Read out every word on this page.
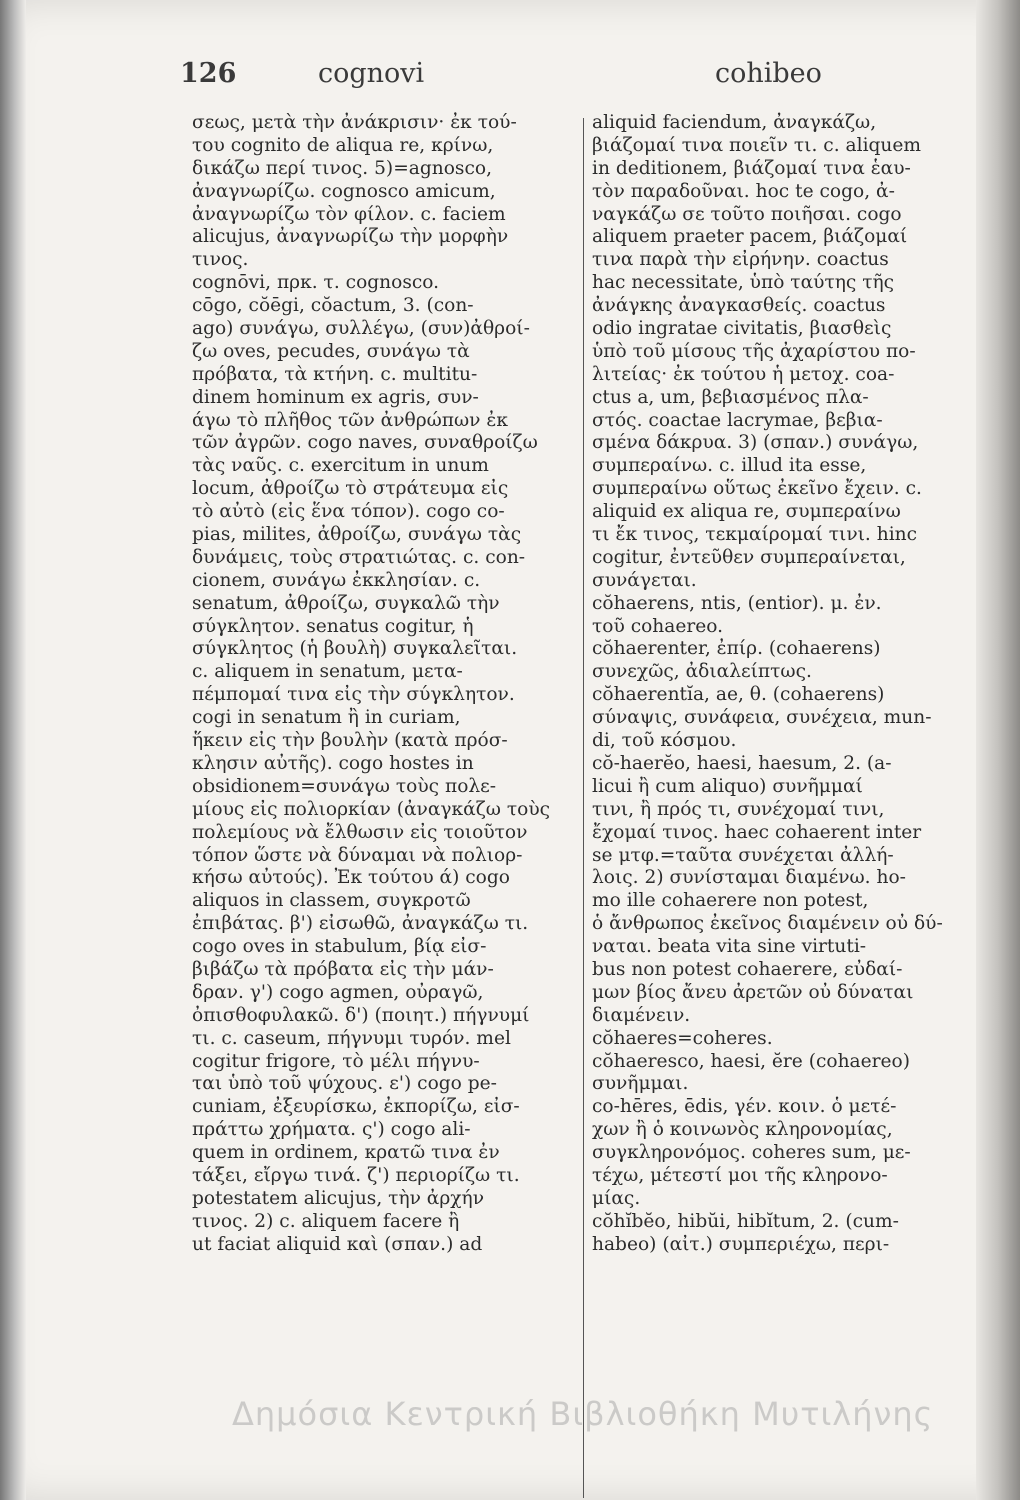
126	cognovi	cohibeo
σεως, μετὰ τὴν ἀνάκρισιν· ἐκ τού-
του cognito de aliqua re, κρίνω,
δικάζω περί τινος. 5)=agnosco,
ἀναγνωρίζω. cognosco amicum,
ἀναγνωρίζω τὸν φίλον. c. faciem
alicujus, ἀναγνωρίζω τὴν μορφὴν
τινος.
cognōvi, πρκ. τ. cognosco.
cōgo, cŏēgi, cŏactum, 3. (con-
ago) συνάγω, συλλέγω, (συν)ἀθροί-
ζω oves, pecudes, συνάγω τὰ
πρόβατα, τὰ κτήνη. c. multitu-
dinem hominum ex agris, συν-
άγω τὸ πλῆθος τῶν ἀνθρώπων ἐκ
τῶν ἀγρῶν. cogo naves, συναθροίζω
τὰς ναῦς. c. exercitum in unum
locum, ἀθροίζω τὸ στράτευμα εἰς
τὸ αὐτὸ (εἰς ἕνα τόπον). cogo co-
pias, milites, ἀθροίζω, συνάγω τὰς
δυνάμεις, τοὺς στρατιώτας. c. con-
cionem, συνάγω ἐκκλησίαν. c.
senatum, ἀθροίζω, συγκαλῶ τὴν
σύγκλητον. senatus cogitur, ἡ
σύγκλητος (ἡ βουλὴ) συγκαλεῖται.
c. aliquem in senatum, μετα-
πέμπομαί τινα εἰς τὴν σύγκλητον.
cogi in senatum ἢ in curiam,
ἥκειν εἰς τὴν βουλὴν (κατὰ πρόσ-
κλησιν αὐτῆς). cogo hostes in
obsidionem=συνάγω τοὺς πολε-
μίους εἰς πολιορκίαν (ἀναγκάζω τοὺς
πολεμίους νὰ ἔλθωσιν εἰς τοιοῦτον
τόπον ὥστε νὰ δύναμαι νὰ πολιορ-
κήσω αὐτούς). Ἐκ τούτου ά) cogo
aliquos in classem, συγκροτῶ
ἐπιβάτας. β') εἰσωθῶ, ἀναγκάζω τι.
cogo oves in stabulum, βίᾳ εἰσ-
βιβάζω τὰ πρόβατα εἰς τὴν μάν-
δραν. γ') cogo agmen, οὐραγῶ,
ὀπισθοφυλακῶ. δ') (ποιητ.) πήγνυμί
τι. c. caseum, πήγνυμι τυρόν. mel
cogitur frigore, τὸ μέλι πήγνυ-
ται ὑπὸ τοῦ ψύχους. ε') cogo pe-
cuniam, ἐξευρίσκω, ἐκπορίζω, εἰσ-
πράττω χρήματα. ς') cogo ali-
quem in ordinem, κρατῶ τινα ἐν
τάξει, εἴργω τινά. ζ') περιορίζω τι.
potestatem alicujus, τὴν ἀρχήν
τινος. 2) c. aliquem facere ἢ
ut faciat aliquid καὶ (σπαν.) ad
aliquid faciendum, ἀναγκάζω,
βιάζομαί τινα ποιεῖν τι. c. aliquem
in deditionem, βιάζομαί τινα ἑαυ-
τὸν παραδοῦναι. hoc te cogo, ἀ-
ναγκάζω σε τοῦτο ποιῆσαι. cogo
aliquem praeter pacem, βιάζομαί
τινα παρὰ τὴν εἰρήνην. coactus
hac necessitate, ὑπὸ ταύτης τῆς
ἀνάγκης ἀναγκασθείς. coactus
odio ingratae civitatis, βιασθεὶς
ὑπὸ τοῦ μίσους τῆς ἀχαρίστου πο-
λιτείας· ἐκ τούτου ἡ μετοχ. coa-
ctus a, um, βεβιασμένος πλα-
στός. coactae lacrymae, βεβια-
σμένα δάκρυα. 3) (σπαν.) συνάγω,
συμπεραίνω. c. illud ita esse,
συμπεραίνω οὕτως ἐκεῖνο ἔχειν. c.
aliquid ex aliqua re, συμπεραίνω
τι ἔκ τινος, τεκμαίρομαί τινι. hinc
cogitur, ἐντεῦθεν συμπεραίνεται,
συνάγεται.
cŏhaerens, ntis, (entior). μ. ἐν.
τοῦ cohaereo.
cŏhaerenter, ἐπίρ. (cohaerens)
συνεχῶς, ἀδιαλείπτως.
cŏhaerentĭa, ae, θ. (cohaerens)
σύναψις, συνάφεια, συνέχεια, mun-
di, τοῦ κόσμου.
cŏ-haerĕo, haesi, haesum, 2. (a-
licui ἢ cum aliquo) συνῆμμαί
τινι, ἢ πρός τι, συνέχομαί τινι,
ἔχομαί τινος. haec cohaerent inter
se μτφ.=ταῦτα συνέχεται ἀλλή-
λοις. 2) συνίσταμαι διαμένω. ho-
mo ille cohaerere non potest,
ὁ ἄνθρωπος ἐκεῖνος διαμένειν οὐ δύ-
ναται. beata vita sine virtuti-
bus non potest cohaerere, εὐδαί-
μων βίος ἄνευ ἀρετῶν οὐ δύναται
διαμένειν.
cŏhaeres=coheres.
cŏhaeresco, haesi, ĕre (cohaereo)
συνῆμμαι.
co-hēres, ēdis, γέν. κοιν. ὁ μετέ-
χων ἢ ὁ κοινωνὸς κληρονομίας,
συγκληρονόμος. coheres sum, με-
τέχω, μέτεστί μοι τῆς κληρονο-
μίας.
cŏhĭbĕo, hibŭi, hibĭtum, 2. (cum-
habeo) (αἰτ.) συμπεριέχω, περι-
Δημόσια Κεντρική Βιβλιοθήκη Μυτιλήνης
